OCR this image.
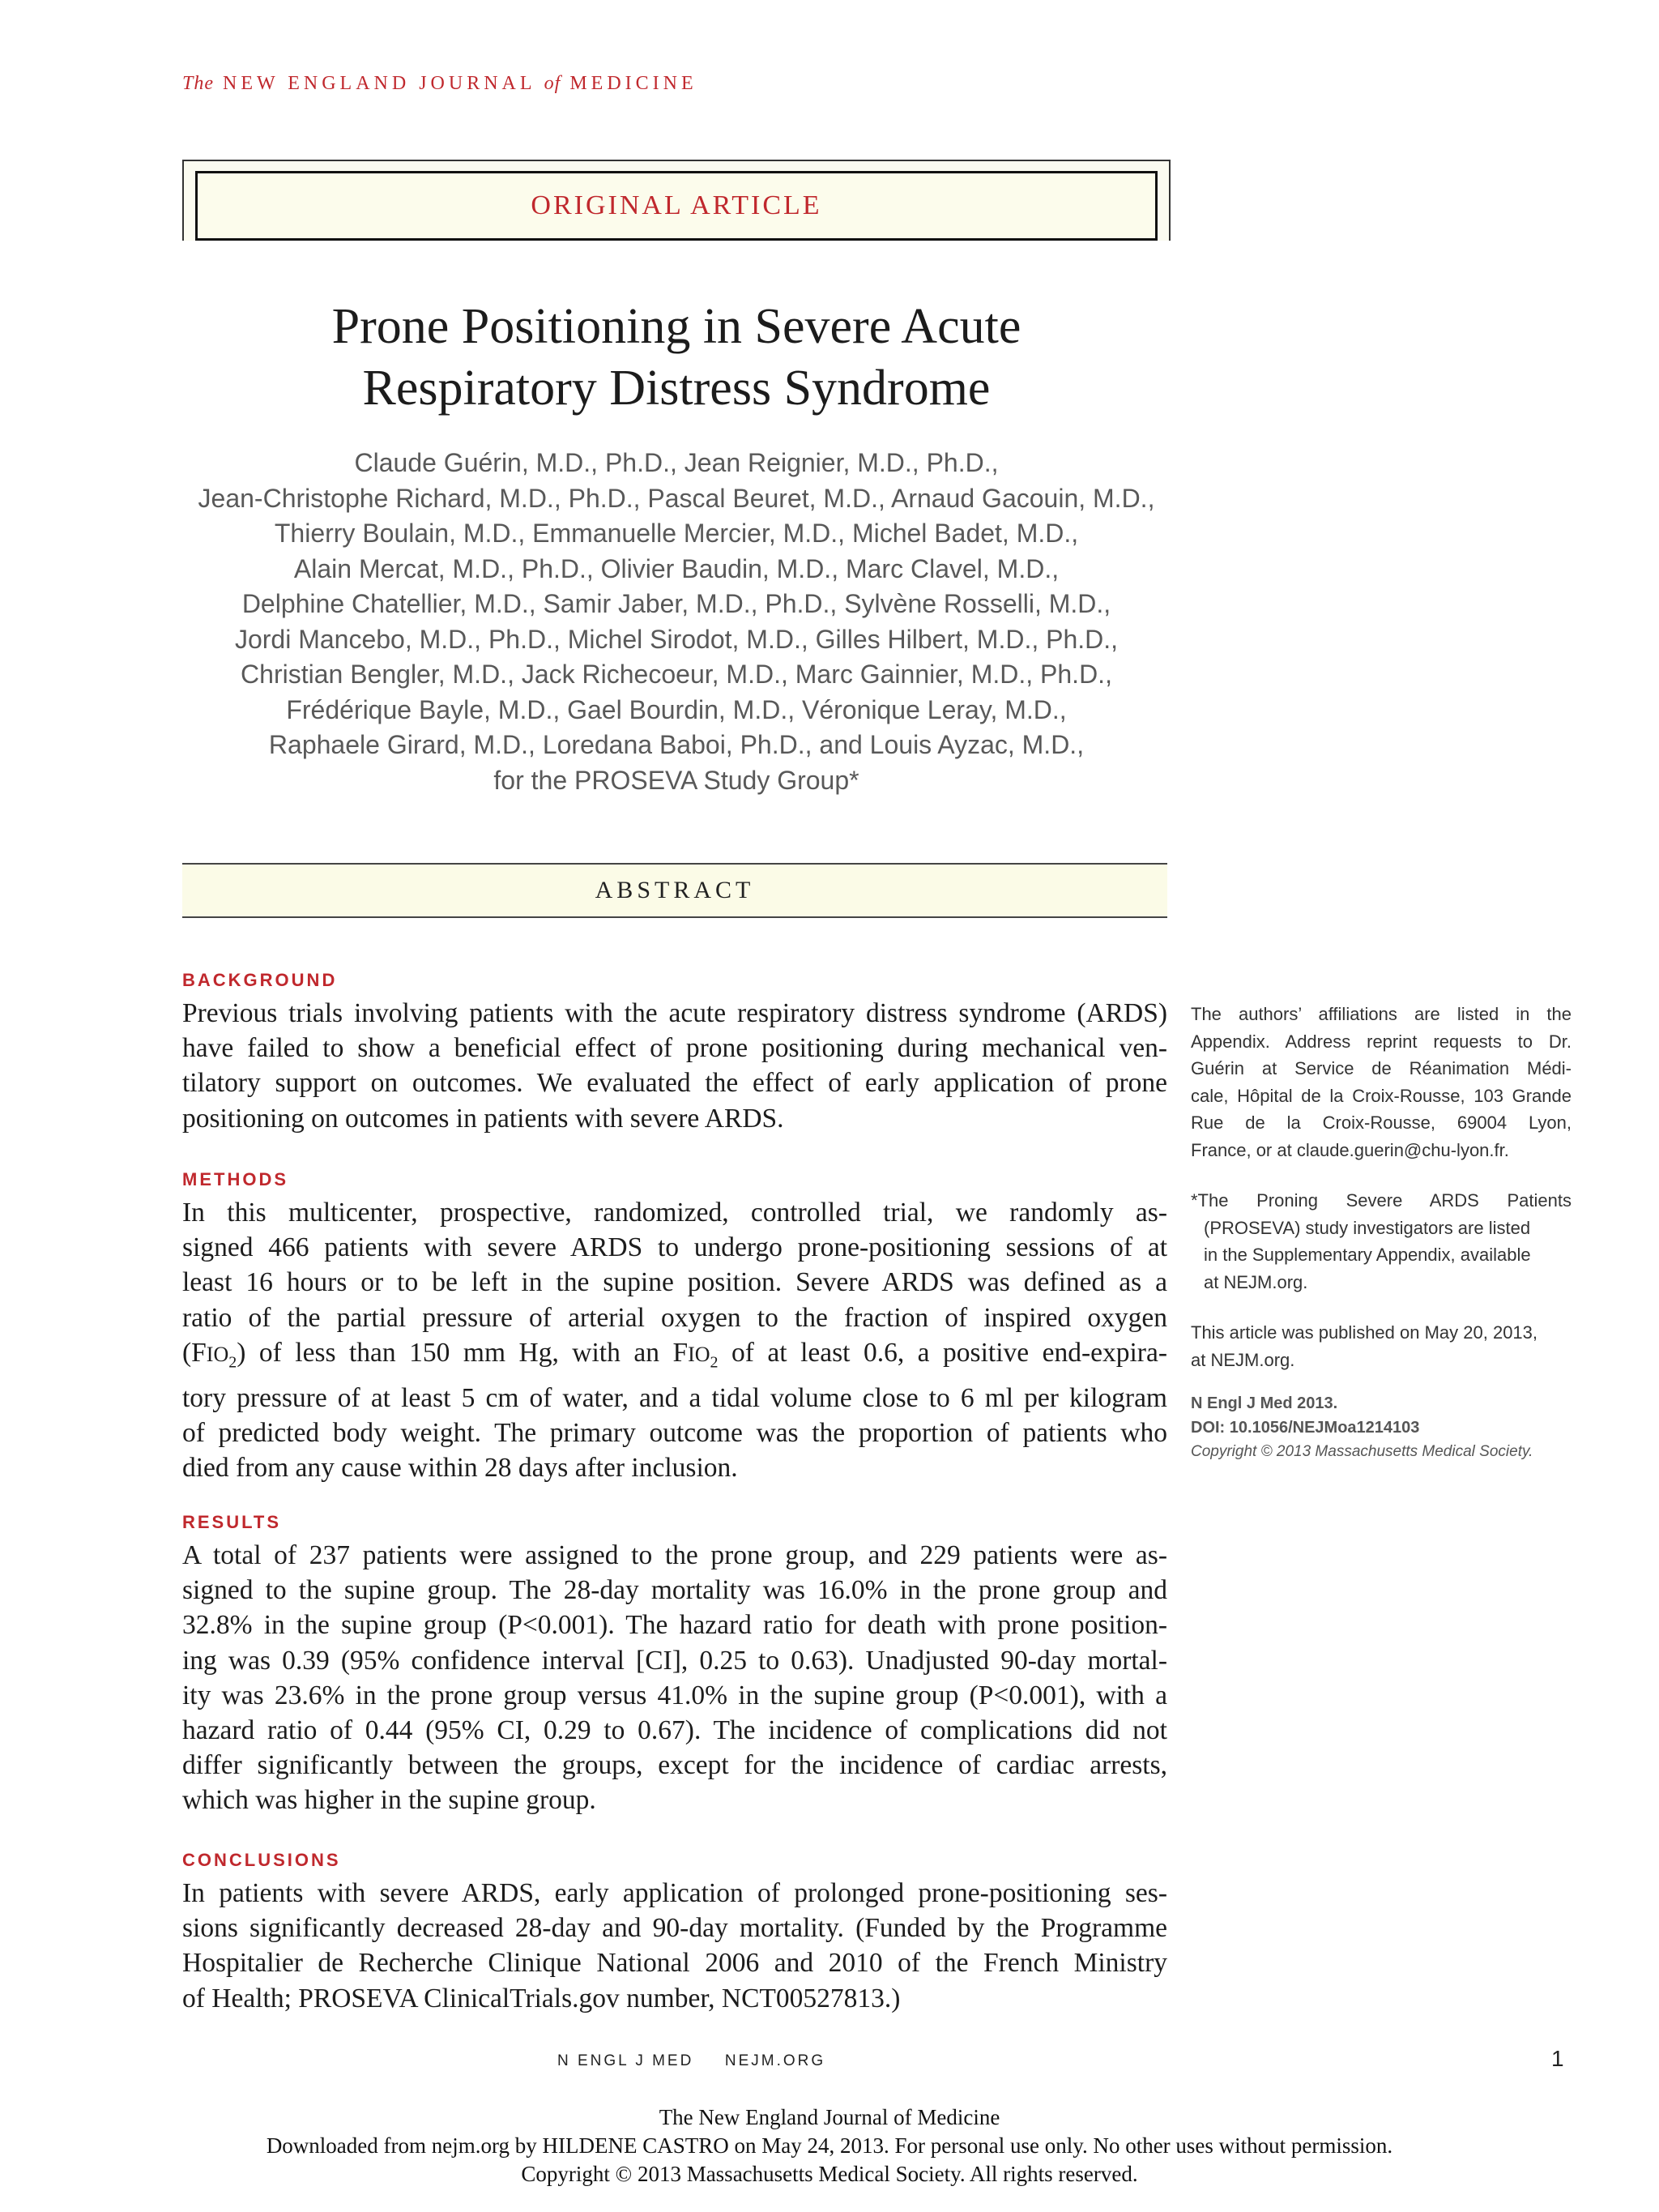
The NEW ENGLAND JOURNAL of MEDICINE
ORIGINAL ARTICLE
Prone Positioning in Severe Acute
Respiratory Distress Syndrome
Claude Guérin, M.D., Ph.D., Jean Reignier, M.D., Ph.D.,
Jean-Christophe Richard, M.D., Ph.D., Pascal Beuret, M.D., Arnaud Gacouin, M.D.,
Thierry Boulain, M.D., Emmanuelle Mercier, M.D., Michel Badet, M.D.,
Alain Mercat, M.D., Ph.D., Olivier Baudin, M.D., Marc Clavel, M.D.,
Delphine Chatellier, M.D., Samir Jaber, M.D., Ph.D., Sylvène Rosselli, M.D.,
Jordi Mancebo, M.D., Ph.D., Michel Sirodot, M.D., Gilles Hilbert, M.D., Ph.D.,
Christian Bengler, M.D., Jack Richecoeur, M.D., Marc Gainnier, M.D., Ph.D.,
Frédérique Bayle, M.D., Gael Bourdin, M.D., Véronique Leray, M.D.,
Raphaele Girard, M.D., Loredana Baboi, Ph.D., and Louis Ayzac, M.D.,
for the PROSEVA Study Group*
ABSTRACT
BACKGROUND
Previous trials involving patients with the acute respiratory distress syndrome (ARDS)
have failed to show a beneficial effect of prone positioning during mechanical ven-
tilatory support on outcomes. We evaluated the effect of early application of prone
positioning on outcomes in patients with severe ARDS.
METHODS
In this multicenter, prospective, randomized, controlled trial, we randomly as-
signed 466 patients with severe ARDS to undergo prone-positioning sessions of at
least 16 hours or to be left in the supine position. Severe ARDS was defined as a
ratio of the partial pressure of arterial oxygen to the fraction of inspired oxygen
$(FIO_2)$ of less than 150 mm Hg, with an $FIO_2$ of at least 0.6, a positive end-expira-
tory pressure of at least 5 cm of water, and a tidal volume close to 6 ml per kilogram
of predicted body weight. The primary outcome was the proportion of patients who
died from any cause within 28 days after inclusion.
RESULTS
A total of 237 patients were assigned to the prone group, and 229 patients were as-
signed to the supine group. The 28-day mortality was 16.0% in the prone group and
32.8% in the supine group (P<0.001). The hazard ratio for death with prone position-
ing was 0.39 (95% confidence interval [CI], 0.25 to 0.63). Unadjusted 90-day mortal-
ity was 23.6% in the prone group versus 41.0% in the supine group (P<0.001), with a
hazard ratio of 0.44 (95% CI, 0.29 to 0.67). The incidence of complications did not
differ significantly between the groups, except for the incidence of cardiac arrests,
which was higher in the supine group.
CONCLUSIONS
In patients with severe ARDS, early application of prolonged prone-positioning ses-
sions significantly decreased 28-day and 90-day mortality. (Funded by the Programme
Hospitalier de Recherche Clinique National 2006 and 2010 of the French Ministry
of Health; PROSEVA ClinicalTrials.gov number, NCT00527813.)
The authors’ affiliations are listed in the
Appendix. Address reprint requests to Dr.
Guérin at Service de Réanimation Médi-
cale, Hôpital de la Croix-Rousse, 103 Grande
Rue de la Croix-Rousse, 69004 Lyon,
France, or at claude.guerin@chu-lyon.fr.
*The Proning Severe ARDS Patients
(PROSEVA) study investigators are listed
in the Supplementary Appendix, available
at NEJM.org.
This article was published on May 20, 2013,
at NEJM.org.
N Engl J Med 2013.
DOI: 10.1056/NEJMoa1214103
Copyright © 2013 Massachusetts Medical Society.
N ENGL J MED NEJM.ORG	1
The New England Journal of Medicine
Downloaded from nejm.org by HILDENE CASTRO on May 24, 2013. For personal use only. No other uses without permission.
Copyright © 2013 Massachusetts Medical Society. All rights reserved.
